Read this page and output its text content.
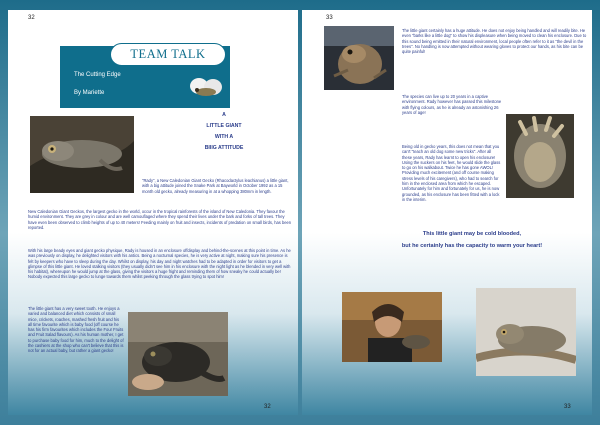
32
TEAM TALK
The Cutting Edge
By Mariette
A
LITTLE GIANT
WITH A
BIIIG ATTITUDE
"Rady", a New Caledonian Giant Gecko (Rhacodactylus leachianus) a little giant, with a big attitude joined the Snake Park at Bayworld in October 1992 as a 15 month old gecko, already measuring in at a whopping 380mm in length.
New Caledonian Giant Geckos, the largest gecko in the world, occur in the tropical rainforests of the island of New Caledonia. They favour the humid environment. They are grey in colour and are well camouflaged where they spend their lives under the bark and forks of tall trees. They have even been observed to climb heights of up to 40 meters! Feeding mainly on fruit and insects, incidents of predation on small birds, has been reported.
With his large beady eyes and giant gecko physique, Rady is housed in an enclosure offdisplay and behind-the-scenes at this point in time. As he was previously on display, he delighted visitors with his antics. Being a nocturnal species, he is very active at night, making sure his presence is felt by keepers who have to sleep during the day. Whilst on display, his day and night watches had to be adapted in order for visitors to get a glimpse of this little giant. He loved stalking visitors (they usually didn't see him in his enclosure with the night light as he blended in very well with his habitat), whereupon he would jump at the glass, giving the visitors a huge fright and reminding them of how sneaky he could actually be! Nobody expected this large gecko to lunge towards them whilst peeking through the glass trying to spot him!
The little giant has a very sweet tooth. He enjoys a varied and balanced diet which consists of small mice, crickets, roaches, mashed fresh fruit and his all time favourite which is baby food (off course he has his firm favourites which includes the Four Fruits and Fruit Salad flavours). As his human mother, I get to purchase baby food for him, much to the delight of the cashiers at the shop who can't believe that this is not for an actual baby, but rather a giant gecko!
32
33
The little giant certainly has a huge attitude. He does not enjoy being handled and will readily bite. He even "barks like a little dog" to show his displeasure when being moved to clean his enclosure. Due to this sound being emitted in their natural environment, local people often refer to it as "the devil in the trees". No handling is now attempted without wearing gloves to protect our hands, as his bite can be quite painful!
The species can live up to 20 years in a captive environment. Rady however has passed this milestone with flying colours, as he is already an astonishing 26 years of age!
Being old in gecko years, this does not mean that you can't "teach an old dog some new tricks". After all these years, Rady has learnt to open his enclosure! Using the suckers on his feet, he would slide the glass to go on his walkabout. Twice he has gone AWOL! Providing much excitement (and off course making stress levels of his caregivers), who had to search for him in the enclosed area from which he escaped. Unfortunately for him and fortunately for us, he is now grounded, as his enclosure has been fitted with a lock in the interim.
This little giant may be cold blooded,
but he certainly has the capacity to warm your heart!
33
